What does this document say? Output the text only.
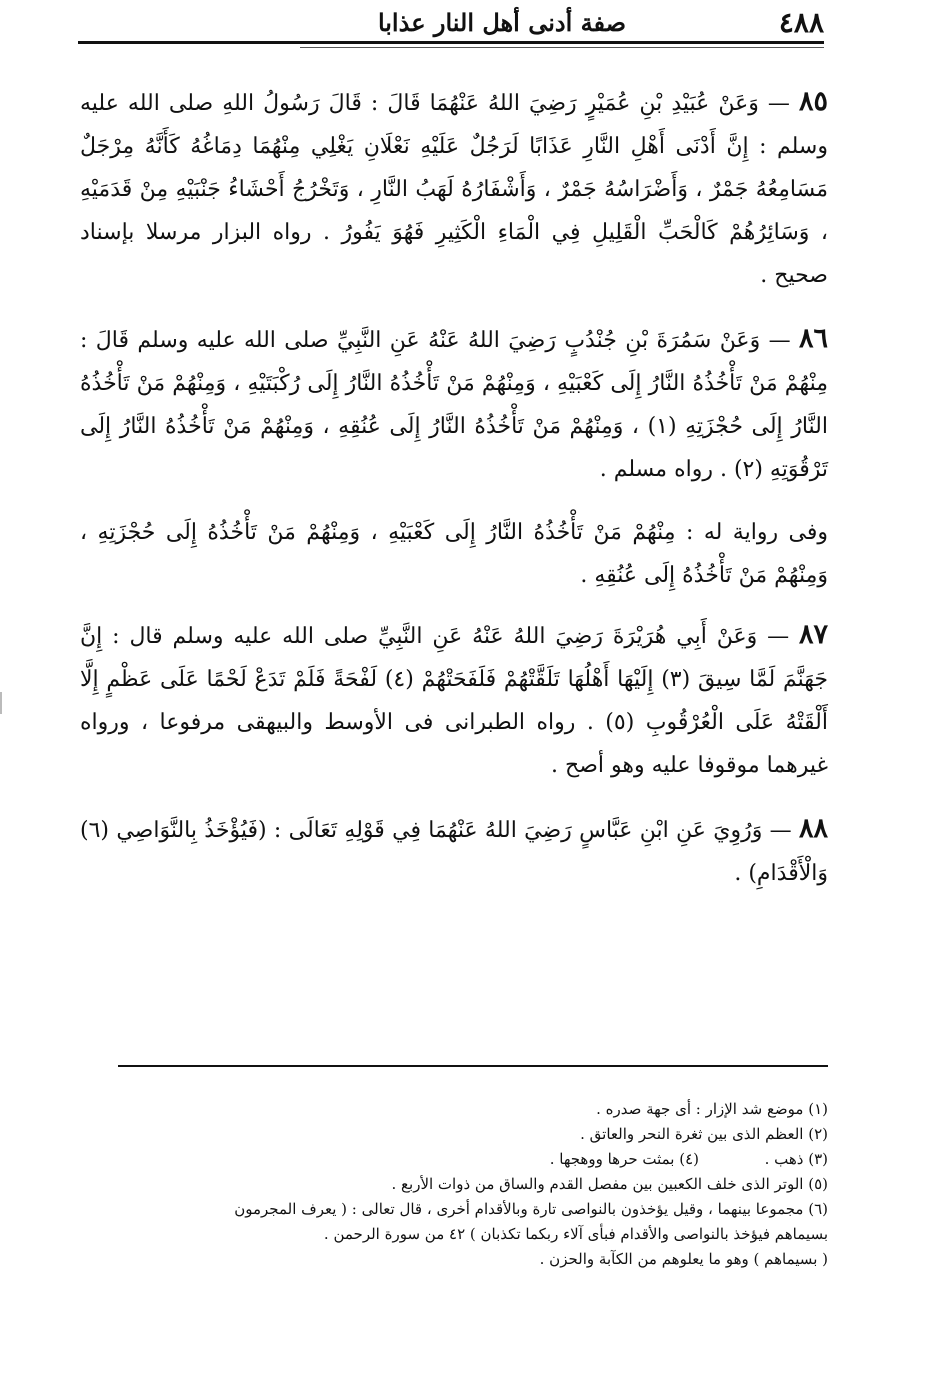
٤٨٨
صفة أدنى أهل النار عذابا

٨٥ — وَعَنْ عُبَيْدِ بْنِ عُمَيْرٍ رَضِيَ اللهُ عَنْهُمَا قَالَ : قَالَ رَسُولُ اللهِ صلى الله عليه وسلم : إِنَّ أَدْنَى أَهْلِ النَّارِ عَذَابًا لَرَجُلٌ عَلَيْهِ نَعْلَانِ يَغْلِي مِنْهُمَا دِمَاغُهُ كَأَنَّهُ مِرْجَلٌ مَسَامِعُهُ جَمْرٌ ، وَأَضْرَاسُهُ جَمْرٌ ، وَأَشْفَارُهُ لَهَبُ النَّارِ ، وَتَخْرُجُ أَحْشَاءُ جَنْبَيْهِ مِنْ قَدَمَيْهِ ، وَسَائِرُهُمْ كَالْحَبِّ الْقَلِيلِ فِي الْمَاءِ الْكَثِيرِ فَهُوَ يَفُورُ . رواه البزار مرسلا بإسناد صحيح .

٨٦ — وَعَنْ سَمُرَةَ بْنِ جُنْدُبٍ رَضِيَ اللهُ عَنْهُ عَنِ النَّبِيِّ صلى الله عليه وسلم قَالَ : مِنْهُمْ مَنْ تَأْخُذُهُ النَّارُ إِلَى كَعْبَيْهِ ، وَمِنْهُمْ مَنْ تَأْخُذُهُ النَّارُ إِلَى رُكْبَتَيْهِ ، وَمِنْهُمْ مَنْ تَأْخُذُهُ النَّارُ إِلَى حُجْزَتِهِ (١) ، وَمِنْهُمْ مَنْ تَأْخُذُهُ النَّارُ إِلَى عُنُقِهِ ، وَمِنْهُمْ مَنْ تَأْخُذُهُ النَّارُ إِلَى تَرْقُوَتِهِ (٢) . رواه مسلم .

وفى رواية له : مِنْهُمْ مَنْ تَأْخُذُهُ النَّارُ إِلَى كَعْبَيْهِ ، وَمِنْهُمْ مَنْ تَأْخُذُهُ إِلَى حُجْزَتِهِ ، وَمِنْهُمْ مَنْ تَأْخُذُهُ إِلَى عُنُقِهِ .

٨٧ — وَعَنْ أَبِي هُرَيْرَةَ رَضِيَ اللهُ عَنْهُ عَنِ النَّبِيِّ صلى الله عليه وسلم قال : إِنَّ جَهَنَّمَ لَمَّا سِيقَ (٣) إِلَيْهَا أَهْلُهَا تَلَقَّتْهُمْ فَلَفَحَتْهُمْ (٤) لَفْحَةً فَلَمْ تَدَعْ لَحْمًا عَلَى عَظْمٍ إِلَّا أَلْقَتْهُ عَلَى الْعُرْقُوبِ (٥) . رواه الطبرانى فى الأوسط والبيهقى مرفوعا ، ورواه غيرهما موقوفا عليه وهو أصح .

٨٨ — وَرُوِيَ عَنِ ابْنِ عَبَّاسٍ رَضِيَ اللهُ عَنْهُمَا فِي قَوْلِهِ تَعَالَى : (فَيُؤْخَذُ بِالنَّوَاصِي (٦) وَالْأَقْدَامِ) .

(١) موضع شد الإزار : أى جهة صدره .
(٢) العظم الذى بين ثغرة النحر والعاتق .
(٣) ذهب .  (٤) بمثت حرها ووهجها .
(٥) الوتر الذى خلف الكعبين بين مفصل القدم والساق من ذوات الأربع .
(٦) مجموعا بينهما ، وقيل يؤخذون بالنواصى تارة وبالأقدام أخرى ، قال تعالى : ( يعرف المجرمون
بسيماهم فيؤخذ بالنواصى والأقدام فبأى آلاء ربكما تكذبان ) ٤٢ من سورة الرحمن .
( بسيماهم ) وهو ما يعلوهم من الكآبة والحزن .
